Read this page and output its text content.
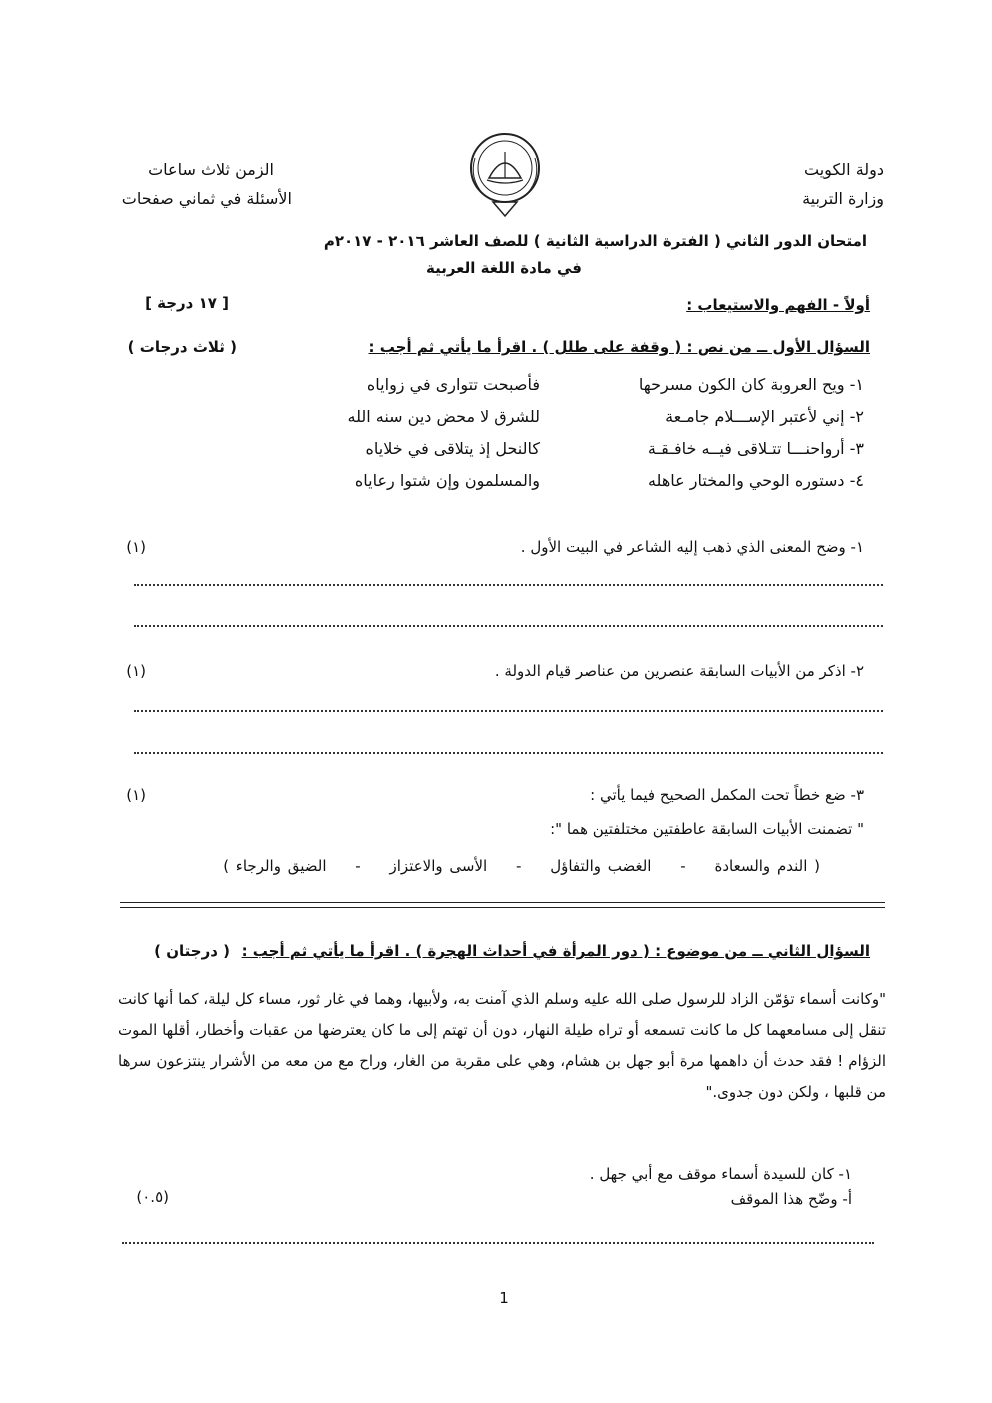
دولة الكويت
وزارة التربية
الزمن ثلاث ساعات
الأسئلة في ثماني صفحات
امتحان الدور الثاني ( الفترة الدراسية الثانية ) للصف العاشر ٢٠١٦ - ٢٠١٧م
في مادة اللغة العربية
أولاً - الفهم والاستيعاب :
[ ١٧ درجة ]
السؤال الأول ــ من نص : ( وقفة على طلل ) . اقرأ ما يأتي ثم أجب :
( ثلاث درجات )
١- ويح العروبة كان الكون مسرحها
فأصبحت تتوارى في زواياه
٢- إني لأعتبر الإســـلام جامـعة
للشرق لا محض دين سنه الله
٣- أرواحنـــا تتـلاقى فيــه خافـقـة
كالنحل إذ يتلاقى في خلاياه
٤- دستوره الوحي والمختار عاهله
والمسلمون وإن شتوا رعاياه
١- وضح المعنى الذي ذهب إليه الشاعر في البيت الأول .
(١)
٢- اذكر من الأبيات السابقة عنصرين من عناصر قيام الدولة .
(١)
٣- ضع خطاً تحت المكمل الصحيح فيما يأتي :
(١)
" تضمنت الأبيات السابقة عاطفتين مختلفتين هما ":
( الندم والسعادة - الغضب والتفاؤل - الأسى والاعتزاز - الضيق والرجاء )
السؤال الثاني ــ من موضوع : ( دور المرأة في أحداث الهجرة ) . اقرأ ما يأتي ثم أجب :
( درجتان )
"وكانت أسماء تؤمّن الزاد للرسول صلى الله عليه وسلم الذي آمنت به، ولأبيها، وهما في غار ثور، مساء كل ليلة، كما أنها كانت تنقل إلى مسامعهما كل ما كانت تسمعه أو تراه طيلة النهار، دون أن تهتم إلى ما كان يعترضها من عقبات وأخطار، أقلها الموت الزؤام ! فقد حدث أن داهمها مرة أبو جهل بن هشام، وهي على مقربة من الغار، وراح مع من معه من الأشرار ينتزعون سرها من قلبها ، ولكن دون جدوى."
١- كان للسيدة أسماء موقف مع أبي جهل .
أ- وضّح هذا الموقف
(٠.٥)
1
